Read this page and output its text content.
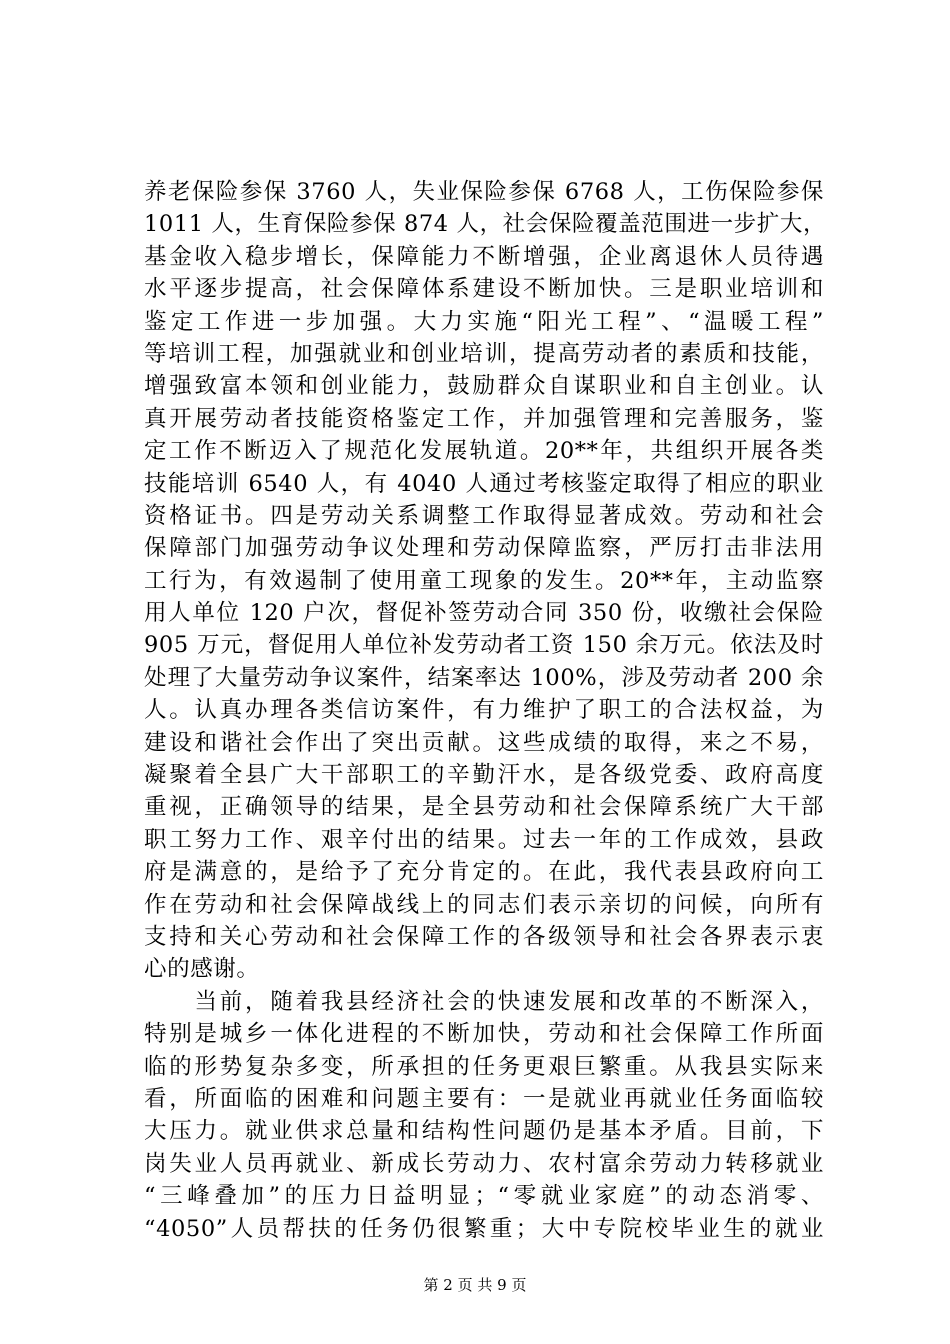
养老保险参保 3760 人，失业保险参保 6768 人，工伤保险参保
1011 人，生育保险参保 874 人，社会保险覆盖范围进一步扩大，
基金收入稳步增长，保障能力不断增强，企业离退休人员待遇
水平逐步提高，社会保障体系建设不断加快。三是职业培训和
鉴定工作进一步加强。大力实施“阳光工程”、“温暖工程”
等培训工程，加强就业和创业培训，提高劳动者的素质和技能，
增强致富本领和创业能力，鼓励群众自谋职业和自主创业。认
真开展劳动者技能资格鉴定工作，并加强管理和完善服务，鉴
定工作不断迈入了规范化发展轨道。20**年，共组织开展各类
技能培训 6540 人，有 4040 人通过考核鉴定取得了相应的职业
资格证书。四是劳动关系调整工作取得显著成效。劳动和社会
保障部门加强劳动争议处理和劳动保障监察，严厉打击非法用
工行为，有效遏制了使用童工现象的发生。20**年，主动监察
用人单位 120 户次，督促补签劳动合同 350 份，收缴社会保险
905 万元，督促用人单位补发劳动者工资 150 余万元。依法及时
处理了大量劳动争议案件，结案率达 100%，涉及劳动者 200 余
人。认真办理各类信访案件，有力维护了职工的合法权益，为
建设和谐社会作出了突出贡献。这些成绩的取得，来之不易，
凝聚着全县广大干部职工的辛勤汗水，是各级党委、政府高度
重视，正确领导的结果，是全县劳动和社会保障系统广大干部
职工努力工作、艰辛付出的结果。过去一年的工作成效，县政
府是满意的，是给予了充分肯定的。在此，我代表县政府向工
作在劳动和社会保障战线上的同志们表示亲切的问候，向所有
支持和关心劳动和社会保障工作的各级领导和社会各界表示衷
心的感谢。
　　当前，随着我县经济社会的快速发展和改革的不断深入，
特别是城乡一体化进程的不断加快，劳动和社会保障工作所面
临的形势复杂多变，所承担的任务更艰巨繁重。从我县实际来
看，所面临的困难和问题主要有：一是就业再就业任务面临较
大压力。就业供求总量和结构性问题仍是基本矛盾。目前，下
岗失业人员再就业、新成长劳动力、农村富余劳动力转移就业
“三峰叠加”的压力日益明显；“零就业家庭”的动态消零、
“4050”人员帮扶的任务仍很繁重；大中专院校毕业生的就业
第 2 页 共 9 页
